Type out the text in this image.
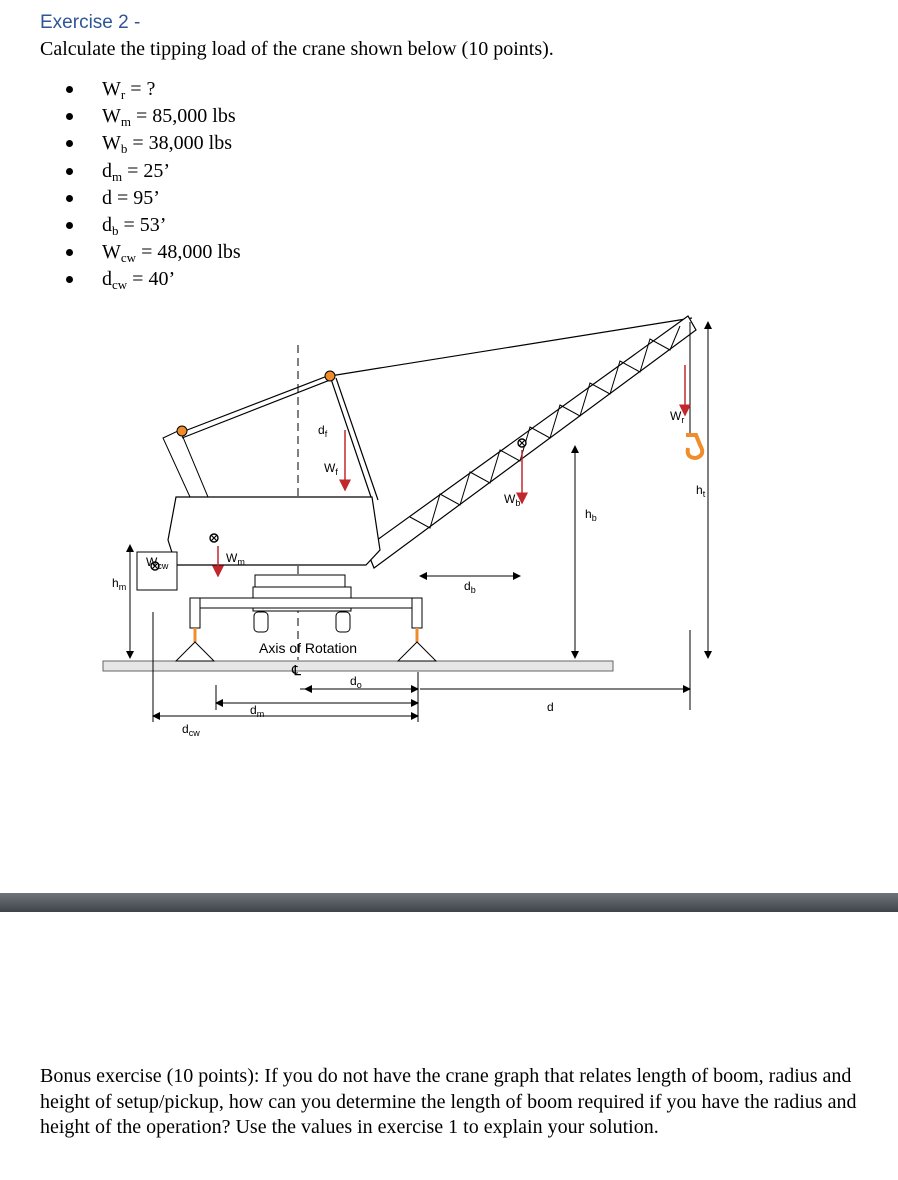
Exercise 2 -
Calculate the tipping load of the crane shown below (10 points).
$W_r$ = ?
$W_m = 85,000$ lbs
$W_b = 38,000$ lbs
$d_m = 25$’
d = 95’
$d_b = 53$’
$W_{cw} = 48,000$ lbs
$d_{cw} = 40$’
$W_{cw}$
$W_m$
$W_f$
$W_b$
$W_r$
$d_f$
$d_b$
$d_o$
$d_m$
$d_{cw}$
d
$h_m$
$h_b$
$h_t$
Axis of Rotation
℄
Bonus exercise (10 points): If you do not have the crane graph that relates length of boom, radius and height of setup/pickup, how can you determine the length of boom required if you have the radius and height of the operation? Use the values in exercise 1 to explain your solution.
